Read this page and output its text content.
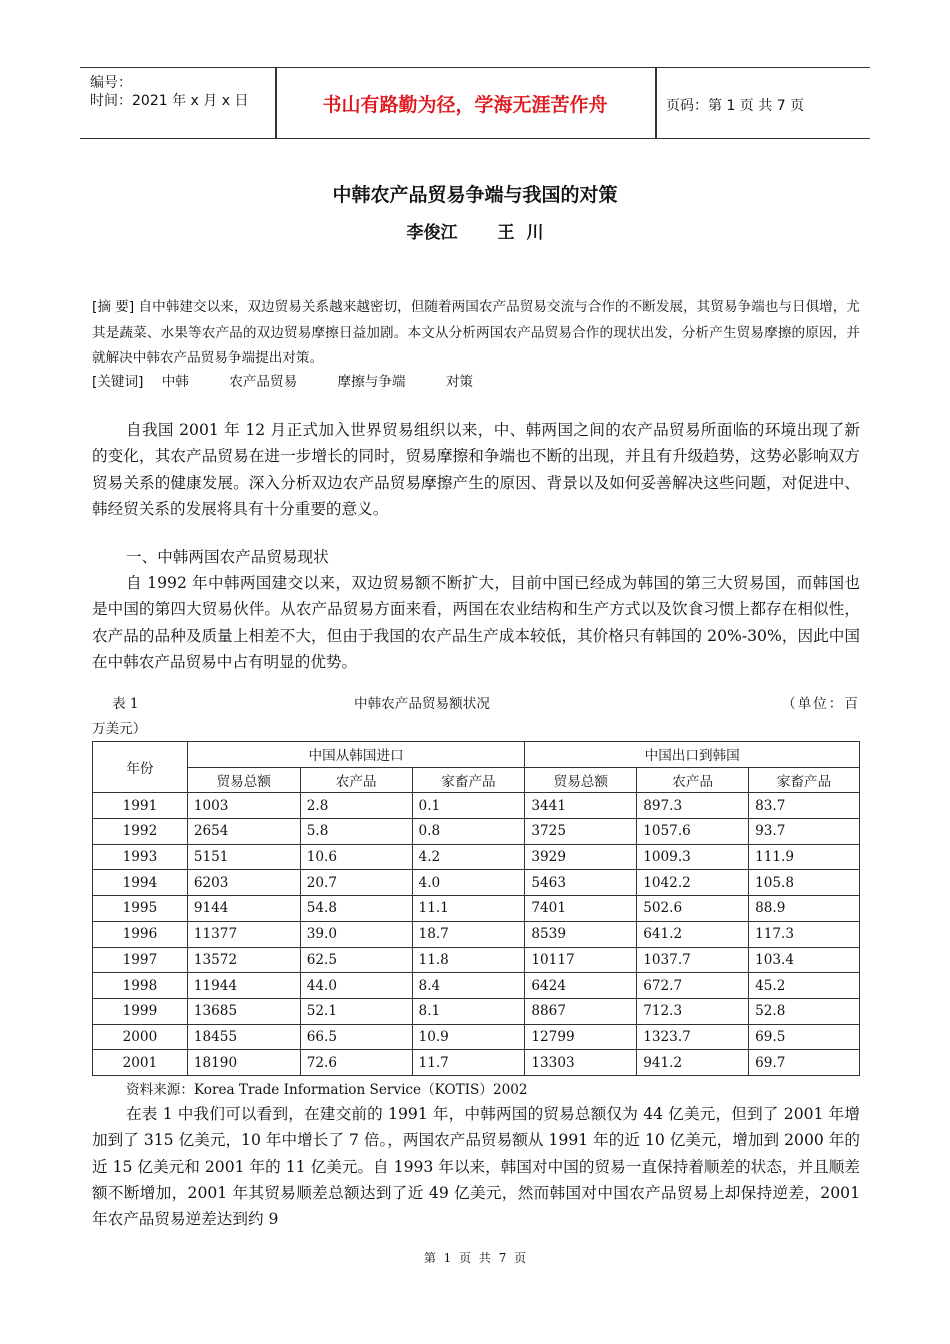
编号：
时间：2021 年 x 月 x 日	书山有路勤为径，学海无涯苦作舟	页码：第 1 页 共 7 页
中韩农产品贸易争端与我国的对策
李俊江 王 川
[摘 要] 自中韩建交以来，双边贸易关系越来越密切，但随着两国农产品贸易交流与合作的不断发展，其贸易争端也与日俱增，尤其是蔬菜、水果等农产品的双边贸易摩擦日益加剧。本文从分析两国农产品贸易合作的现状出发，分析产生贸易摩擦的原因，并就解决中韩农产品贸易争端提出对策。
[关键词] 中韩	农产品贸易	摩擦与争端	对策
自我国 2001 年 12 月正式加入世界贸易组织以来，中、韩两国之间的农产品贸易所面临的环境出现了新的变化，其农产品贸易在进一步增长的同时，贸易摩擦和争端也不断的出现，并且有升级趋势，这势必影响双方贸易关系的健康发展。深入分析双边农产品贸易摩擦产生的原因、背景以及如何妥善解决这些问题，对促进中、韩经贸关系的发展将具有十分重要的意义。
一、中韩两国农产品贸易现状
自 1992 年中韩两国建交以来，双边贸易额不断扩大，目前中国已经成为韩国的第三大贸易国，而韩国也是中国的第四大贸易伙伴。从农产品贸易方面来看，两国在农业结构和生产方式以及饮食习惯上都存在相似性，农产品的品种及质量上相差不大，但由于我国的农产品生产成本较低，其价格只有韩国的 20%-30%，因此中国在中韩农产品贸易中占有明显的优势。
表 1	中韩农产品贸易额状况	（单位：百
万美元）
年份	中国从韩国进口			中国出口到韩国		
	贸易总额	农产品	家畜产品	贸易总额	农产品	家畜产品
1991	1003	2.8	0.1	3441	897.3	83.7
1992	2654	5.8	0.8	3725	1057.6	93.7
1993	5151	10.6	4.2	3929	1009.3	111.9
1994	6203	20.7	4.0	5463	1042.2	105.8
1995	9144	54.8	11.1	7401	502.6	88.9
1996	11377	39.0	18.7	8539	641.2	117.3
1997	13572	62.5	11.8	10117	1037.7	103.4
1998	11944	44.0	8.4	6424	672.7	45.2
1999	13685	52.1	8.1	8867	712.3	52.8
2000	18455	66.5	10.9	12799	1323.7	69.5
2001	18190	72.6	11.7	13303	941.2	69.7
资料来源：Korea Trade Information Service（KOTIS）2002
在表 1 中我们可以看到，在建交前的 1991 年，中韩两国的贸易总额仅为 44 亿美元，但到了 2001 年增加到了 315 亿美元，10 年中增长了 7 倍。，两国农产品贸易额从 1991 年的近 10 亿美元，增加到 2000 年的近 15 亿美元和 2001 年的 11 亿美元。自 1993 年以来，韩国对中国的贸易一直保持着顺差的状态，并且顺差额不断增加，2001 年其贸易顺差总额达到了近 49 亿美元，然而韩国对中国农产品贸易上却保持逆差，2001 年农产品贸易逆差达到约 9
第 1 页 共 7 页
